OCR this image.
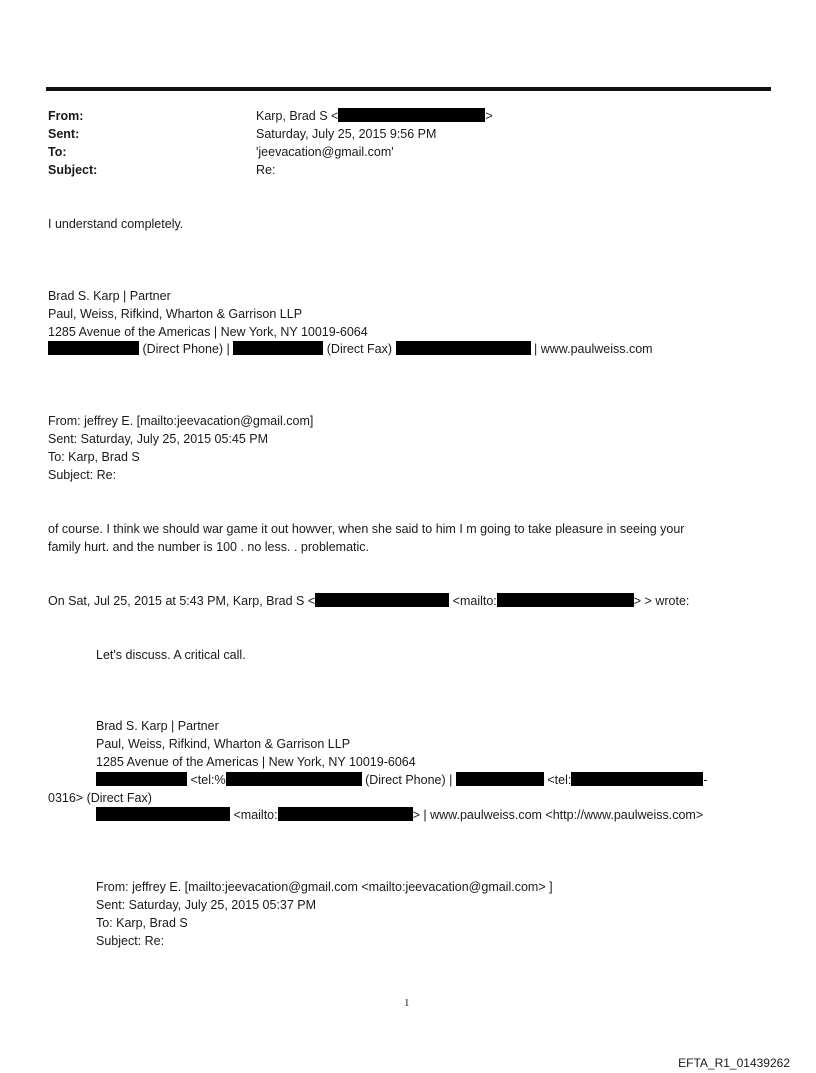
From:	Karp, Brad S <	>
Sent:	Saturday, July 25, 2015 9:56 PM
To:	'jeevacation@gmail.com'
Subject:	Re:
I understand completely.
Brad S. Karp | Partner
Paul, Weiss, Rifkind, Wharton & Garrison LLP
1285 Avenue of the Americas | New York, NY 10019-6064
(Direct Phone) |	(Direct Fax)	| www.paulweiss.com
From: jeffrey E. [mailto:jeevacation@gmail.com]
Sent: Saturday, July 25, 2015 05:45 PM
To: Karp, Brad S
Subject: Re:
of course. I think we should war game it out howver, when she said to him I m going to take pleasure in seeing your
family hurt. and the number is 100 . no less. . problematic.
On Sat, Jul 25, 2015 at 5:43 PM, Karp, Brad S <	<mailto:	> > wrote:
Let's discuss. A critical call.
Brad S. Karp | Partner
Paul, Weiss, Rifkind, Wharton & Garrison LLP
1285 Avenue of the Americas | New York, NY 10019-6064
<tel:%	(Direct Phone) |	<tel:	-
0316> (Direct Fax)
<mailto:	> | www.paulweiss.com <http://www.paulweiss.com>
From: jeffrey E. [mailto:jeevacation@gmail.com <mailto:jeevacation@gmail.com> ]
Sent: Saturday, July 25, 2015 05:37 PM
To: Karp, Brad S
Subject: Re:
1
EFTA_R1_01439262
